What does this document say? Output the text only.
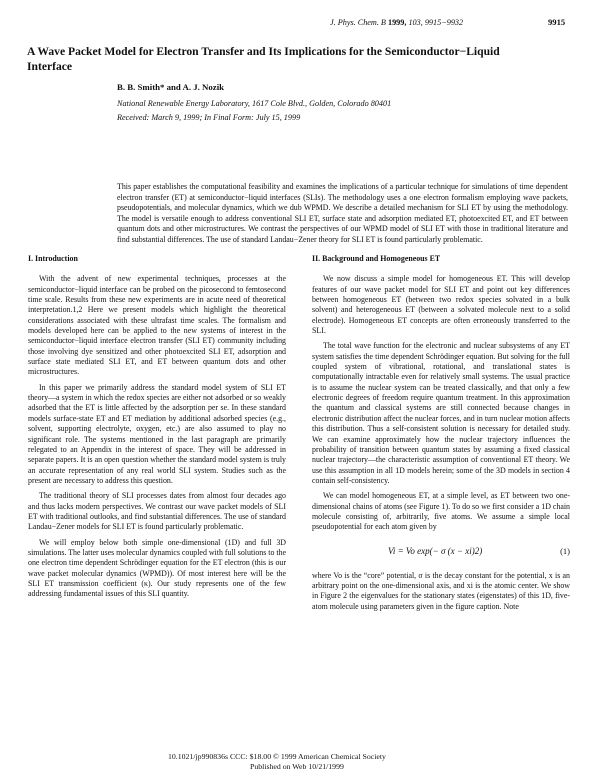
J. Phys. Chem. B 1999, 103, 9915−9932	9915
A Wave Packet Model for Electron Transfer and Its Implications for the Semiconductor−Liquid Interface
B. B. Smith* and A. J. Nozik
National Renewable Energy Laboratory, 1617 Cole Blvd., Golden, Colorado 80401
Received: March 9, 1999; In Final Form: July 15, 1999
This paper establishes the computational feasibility and examines the implications of a particular technique for simulations of time dependent electron transfer (ET) at semiconductor−liquid interfaces (SLIs). The methodology uses a one electron formalism employing wave packets, pseudopotentials, and molecular dynamics, which we dub WPMD. We describe a detailed mechanism for SLI ET by using the methodology. The model is versatile enough to address conventional SLI ET, surface state and adsorption mediated ET, photoexcited ET, and ET between quantum dots and other microstructures. We contrast the perspectives of our WPMD model of SLI ET with those in traditional literature and find substantial differences. The use of standard Landau−Zener theory for SLI ET is found particularly problematic.
I. Introduction

With the advent of new experimental techniques, processes at the semiconductor−liquid interface can be probed on the picosecond to femtosecond time scale. Results from these new experiments are in acute need of theoretical interpretation.1,2 Here we present models which highlight the theoretical considerations associated with these ultrafast time scales. The formalism and models developed here can be applied to the new systems of interest in the semiconductor−liquid interface electron transfer (SLI ET) community including those involving dye sensitized and other photoexcited SLI ET, adsorption and surface state mediated SLI ET, and ET between quantum dots and other microstructures.

In this paper we primarily address the standard model system of SLI ET theory—a system in which the redox species are either not adsorbed or so weakly adsorbed that the ET is little affected by the adsorption per se. In these standard models surface-state ET and ET mediation by additional adsorbed species (e.g., solvent, supporting electrolyte, oxygen, etc.) are also assumed to play no significant role. The systems mentioned in the last paragraph are primarily relegated to an Appendix in the interest of space. They will be addressed in separate papers. It is an open question whether the standard model system is truly an accurate representation of any real world SLI system. Studies such as the present are necessary to address this question.

The traditional theory of SLI processes dates from almost four decades ago and thus lacks modern perspectives. We contrast our wave packet models of SLI ET with traditional outlooks, and find substantial differences. The use of standard Landau−Zener models for SLI ET is found particularly problematic.

We will employ below both simple one-dimensional (1D) and full 3D simulations. The latter uses molecular dynamics coupled with full solutions to the one electron time dependent Schrödinger equation for the ET electron (this is our wave packet molecular dynamics (WPMD)). Of most interest here will be the SLI ET transmission coefficient (κ). Our study represents one of the few addressing fundamental issues of this SLI quantity.

II. Background and Homogeneous ET

We now discuss a simple model for homogeneous ET. This will develop features of our wave packet model for SLI ET and point out key differences between homogeneous ET (between two redox species solvated in a bulk solvent) and heterogeneous ET (between a solvated molecule next to a solid electrode). Homogeneous ET concepts are often erroneously transferred to the SLI.

The total wave function for the electronic and nuclear subsystems of any ET system satisfies the time dependent Schrödinger equation. But solving for the full coupled system of vibrational, rotational, and translational states is computationally intractable even for relatively small systems. The usual practice is to assume the nuclear system can be treated classically, and that only a few electronic degrees of freedom require quantum treatment. In this approximation the quantum and classical systems are still connected because changes in electronic distribution affect the nuclear forces, and in turn nuclear motion affects this distribution. Thus a self-consistent solution is necessary for detailed study. We can examine approximately how the nuclear trajectory influences the probability of transition between quantum states by assuming a fixed classical nuclear trajectory—the characteristic assumption of conventional ET theory. We use this assumption in all 1D models herein; some of the 3D models in section 4 contain self-consistency.

We can model homogeneous ET, at a simple level, as ET between two one-dimensional chains of atoms (see Figure 1). To do so we first consider a 1D chain molecule consisting of, arbitrarily, five atoms. We assume a simple local pseudopotential for each atom given by

Vi = Vo exp(− σ (x − xi)2)	(1)

where Vo is the “core” potential, σ is the decay constant for the potential, x is an arbitrary point on the one-dimensional axis, and xi is the atomic center. We show in Figure 2 the eigenvalues for the stationary states (eigenstates) of this 1D, five-atom molecule using parameters given in the figure caption. Note

10.1021/jp990836s CCC: $18.00 © 1999 American Chemical Society
Published on Web 10/21/1999
